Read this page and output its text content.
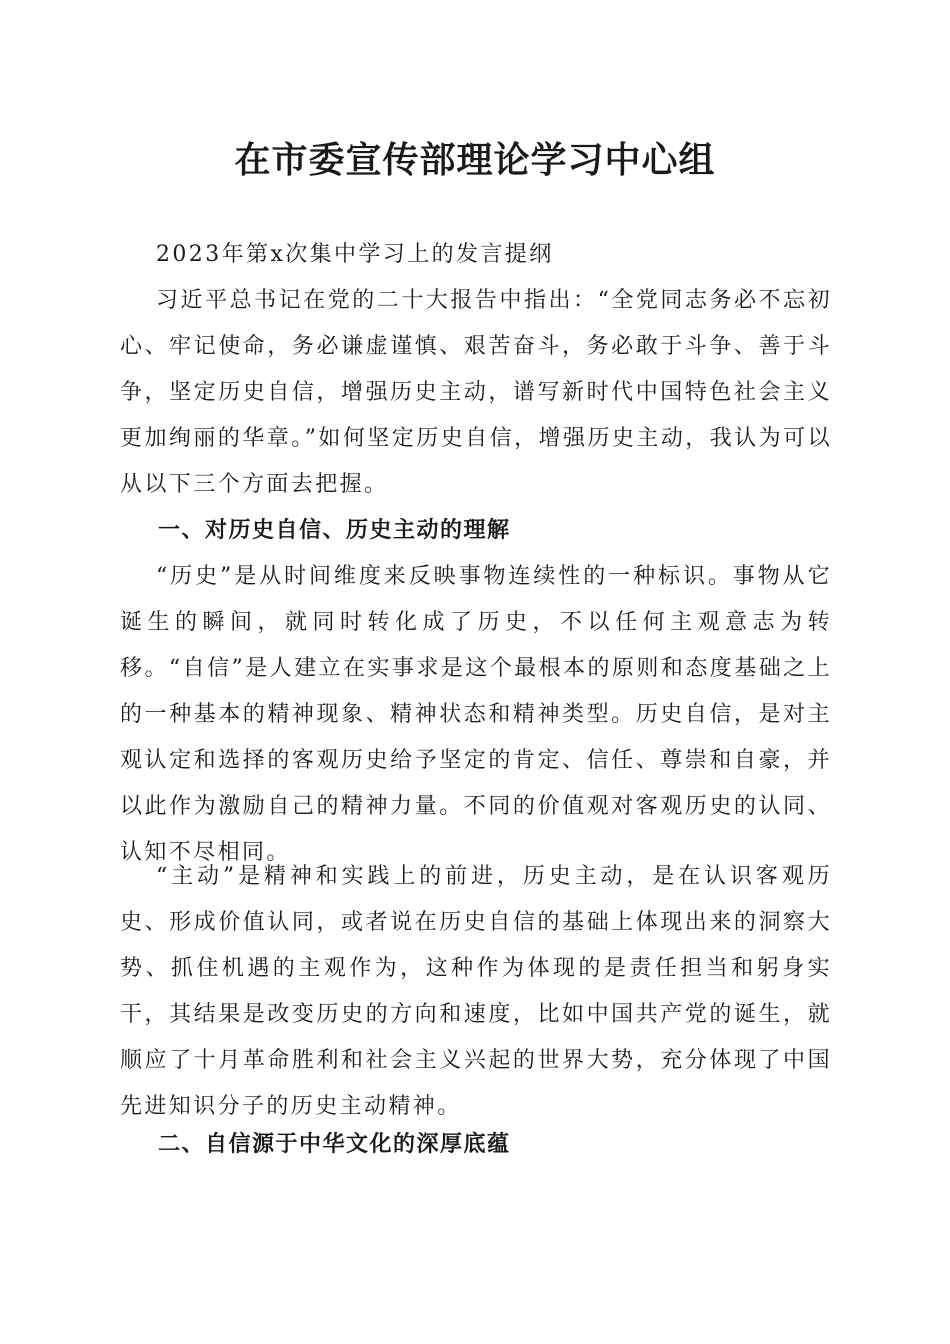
在市委宣传部理论学习中心组

2023年第x次集中学习上的发言提纲

习近平总书记在党的二十大报告中指出：“全党同志务必不忘初心、牢记使命，务必谦虚谨慎、艰苦奋斗，务必敢于斗争、善于斗争，坚定历史自信，增强历史主动，谱写新时代中国特色社会主义更加绚丽的华章。”如何坚定历史自信，增强历史主动，我认为可以从以下三个方面去把握。

一、对历史自信、历史主动的理解

“历史”是从时间维度来反映事物连续性的一种标识。事物从它诞生的瞬间，就同时转化成了历史，不以任何主观意志为转移。“自信”是人建立在实事求是这个最根本的原则和态度基础之上的一种基本的精神现象、精神状态和精神类型。历史自信，是对主观认定和选择的客观历史给予坚定的肯定、信任、尊崇和自豪，并以此作为激励自己的精神力量。不同的价值观对客观历史的认同、认知不尽相同。

“主动”是精神和实践上的前进，历史主动，是在认识客观历史、形成价值认同，或者说在历史自信的基础上体现出来的洞察大势、抓住机遇的主观作为，这种作为体现的是责任担当和躬身实干，其结果是改变历史的方向和速度，比如中国共产党的诞生，就顺应了十月革命胜利和社会主义兴起的世界大势，充分体现了中国先进知识分子的历史主动精神。

二、自信源于中华文化的深厚底蕴
